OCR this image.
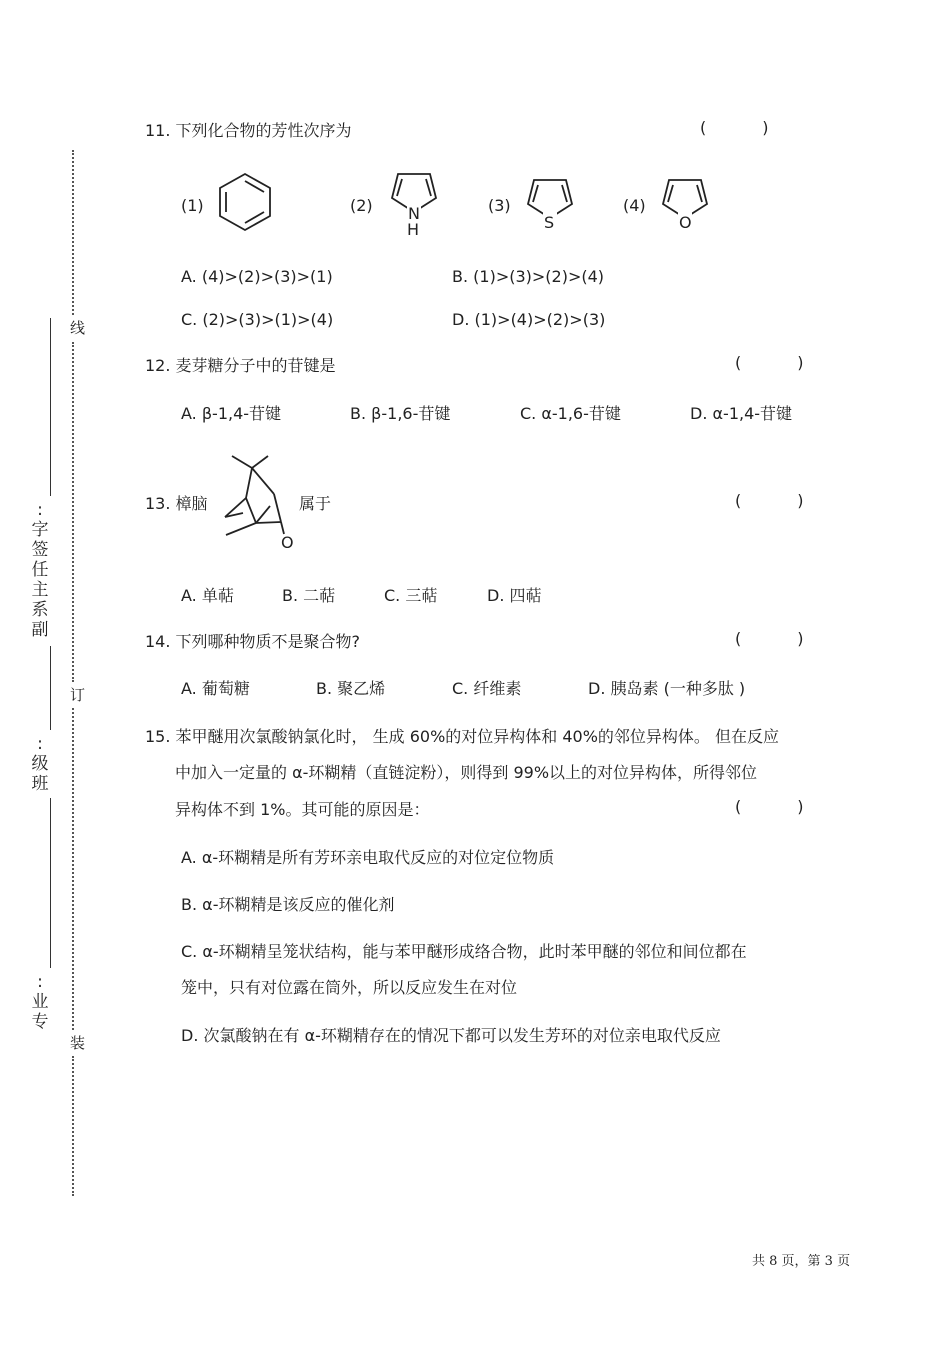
线
订
装
:字签任主系副
:级班
:业专
11. 下列化合物的芳性次序为	(           )
(1)	(2) N
H
(3)
S
(4)
O
A. (4)>(2)>(3)>(1)	B. (1)>(3)>(2)>(4)
C. (2)>(3)>(1)>(4)	D. (1)>(4)>(2)>(3)
12. 麦芽糖分子中的苷键是	(           )
A. β-1,4-苷键	B. β-1,6-苷键	C. α-1,6-苷键	D. α-1,4-苷键
13. 樟脑
O
属于	(           )
A. 单萜	B. 二萜	C. 三萜	D. 四萜
14. 下列哪种物质不是聚合物?	(           )
A. 葡萄糖	B. 聚乙烯	C. 纤维素	D. 胰岛素 (一种多肽 )
15. 苯甲醚用次氯酸钠氯化时， 生成 60%的对位异构体和 40%的邻位异构体。 但在反应
中加入一定量的 α-环糊精（直链淀粉），则得到 99%以上的对位异构体，所得邻位
异构体不到 1%。其可能的原因是：	(           )
A. α-环糊精是所有芳环亲电取代反应的对位定位物质
B. α-环糊精是该反应的催化剂
C. α-环糊精呈笼状结构，能与苯甲醚形成络合物，此时苯甲醚的邻位和间位都在
笼中，只有对位露在筒外，所以反应发生在对位
D. 次氯酸钠在有 α-环糊精存在的情况下都可以发生芳环的对位亲电取代反应
共 8 页，第 3 页
